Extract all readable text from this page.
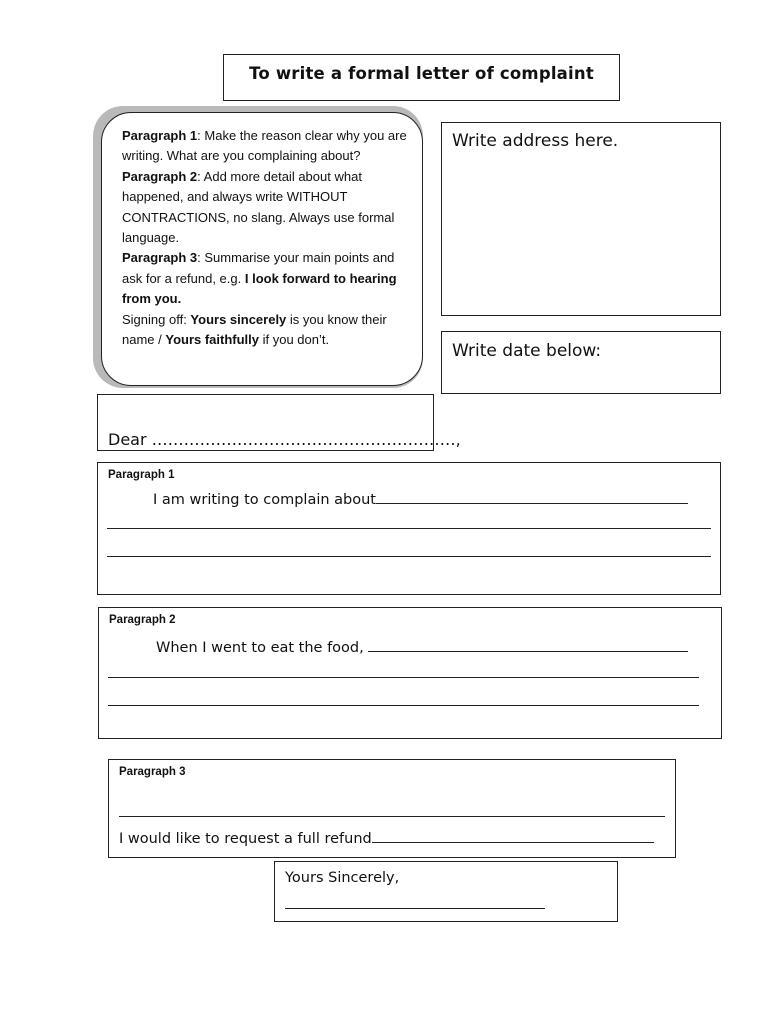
To write a formal letter of complaint

Paragraph 1: Make the reason clear why you are writing. What are you complaining about?

Paragraph 2: Add more detail about what happened, and always write WITHOUT CONTRACTIONS, no slang. Always use formal language.

Paragraph 3: Summarise your main points and ask for a refund, e.g. I look forward to hearing from you.

Signing off: Yours sincerely is you know their name / Yours faithfully if you don’t.

Write address here.
Write date below:
Dear …………………………………………………,
Paragraph 1
I am writing to complain about
Paragraph 2
When I went to eat the food,
Paragraph 3
I would like to request a full refund
Yours Sincerely,
